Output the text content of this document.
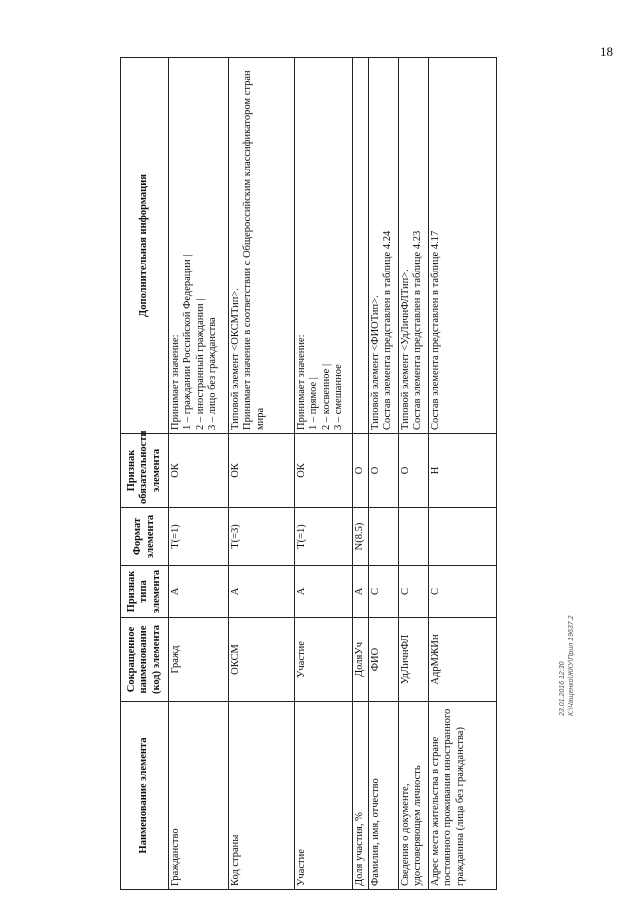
18
Наименование элемента	Сокращенное наименование (код) элемента	Признак типа элемента	Формат элемента	Признак обязательности элемента	Дополнительная информация
Гражданство	Гражд	А	T(=1)	ОК	Принимает значение: 1 – граждании Российской Федерации | 2 – иностранный граждании | 3 – лицо без гражданства

Код страны	ОКСМ	А	T(=3)	ОК	Типовой элемент <ОКСМТип>. Принимает значение в соответствии с Общероссийским классификатором стран мира

Участие	Участие	А	T(=1)	ОК	Принимает значение: 1 – прямое | 2 – косвенное | 3 – смешанное

Доля участия, %	ДоляУч	А	N(8.5)	О	
Фамилия, имя, отчество	ФИО	С		О	Типовой элемент <ФИОТип>. Состав элемента представлен в таблице 4.24

Сведения о документе, удостоверяющем личность	УдЛичнФЛ	С		О	Типовой элемент <УдЛичнФЛТип>. Состав элемента представлен в таблице 4.23

Адрес места жительства в стране постоянного проживания иностранного гражданина (лица без гражданства)	АдрМЖИн	С		Н	Состав элемента представлен в таблице 4.17
23.01.2016 12:30 К:\Чащенко\ЖКУ\Прил 19637.2
